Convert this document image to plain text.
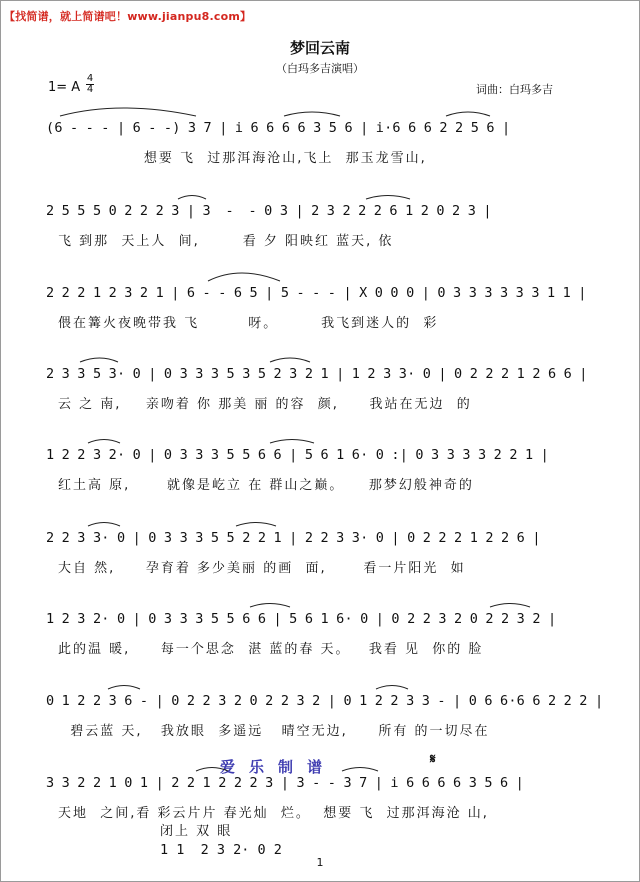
【找简谱，就上简谱吧！www.jianpu8.com】
梦回云南
（白玛多吉演唱）
1= A
4
4	词曲：白玛多吉
(6 - - - | 6 - -) 3 7 | i 6 6 6 6 3 5 6 | i·6 6 6 2 2 5 6 |
想要 飞  过那洱海沧山,飞上  那玉龙雪山,
2 5 5 5 0 2 2 2 3 | 3  -  - 0 3 | 2 3 2 2 2 6 1 2 0 2 3 |
飞 到那  天上人  间,       看 夕 阳映红 蓝天, 依
2 2 2 1 2 3 2 1 | 6 - - 6 5 | 5 - - - | X 0 0 0 | 0 3 3 3 3 3 3 1 1 |
偎在篝火夜晚带我 飞        呀。       我飞到迷人的  彩
2 3 3 5 3· 0 | 0 3 3 3 5 3 5 2 3 2 1 | 1 2 3 3· 0 | 0 2 2 2 1 2 6 6 |
云 之 南,    亲吻着 你 那美 丽 的容  颜,     我站在无边  的
1 2 2 3 2· 0 | 0 3 3 3 5 5 6 6 | 5 6 1 6· 0 :| 0 3 3 3 3 2 2 1 |
红土高 原,      就像是屹立 在 群山之巅。    那梦幻般神奇的
2 2 3 3· 0 | 0 3 3 3 5 5 2 2 1 | 2 2 3 3· 0 | 0 2 2 2 1 2 2 6 |
大自 然,     孕育着 多少美丽 的画  面,      看一片阳光  如
1 2 3 2· 0 | 0 3 3 3 5 5 6 6 | 5 6 1 6· 0 | 0 2 2 3 2 0 2 2 3 2 |
此的温 暖,     每一个思念  湛 蓝的春 天。   我看 见  你的 脸
0 1 2 2 3 6 - | 0 2 2 3 2 0 2 2 3 2 | 0 1 2 2 3 3 - | 0 6 6·6 6 2 2 2 |
碧云蓝 天,   我放眼  多遥远   晴空无边,     所有 的一切尽在
3 3 2 2 1 0 1 | 2 2 1 2 2 2 3 | 3 - - 3 7 | i 6 6 6 6 3 5 6 |
天地  之间,看 彩云片片 春光灿  烂。  想要 飞  过那洱海沧 山,
爱乐制谱	𝄋
闭上 双 眼
1 1  2 3 2· 0 2
1
